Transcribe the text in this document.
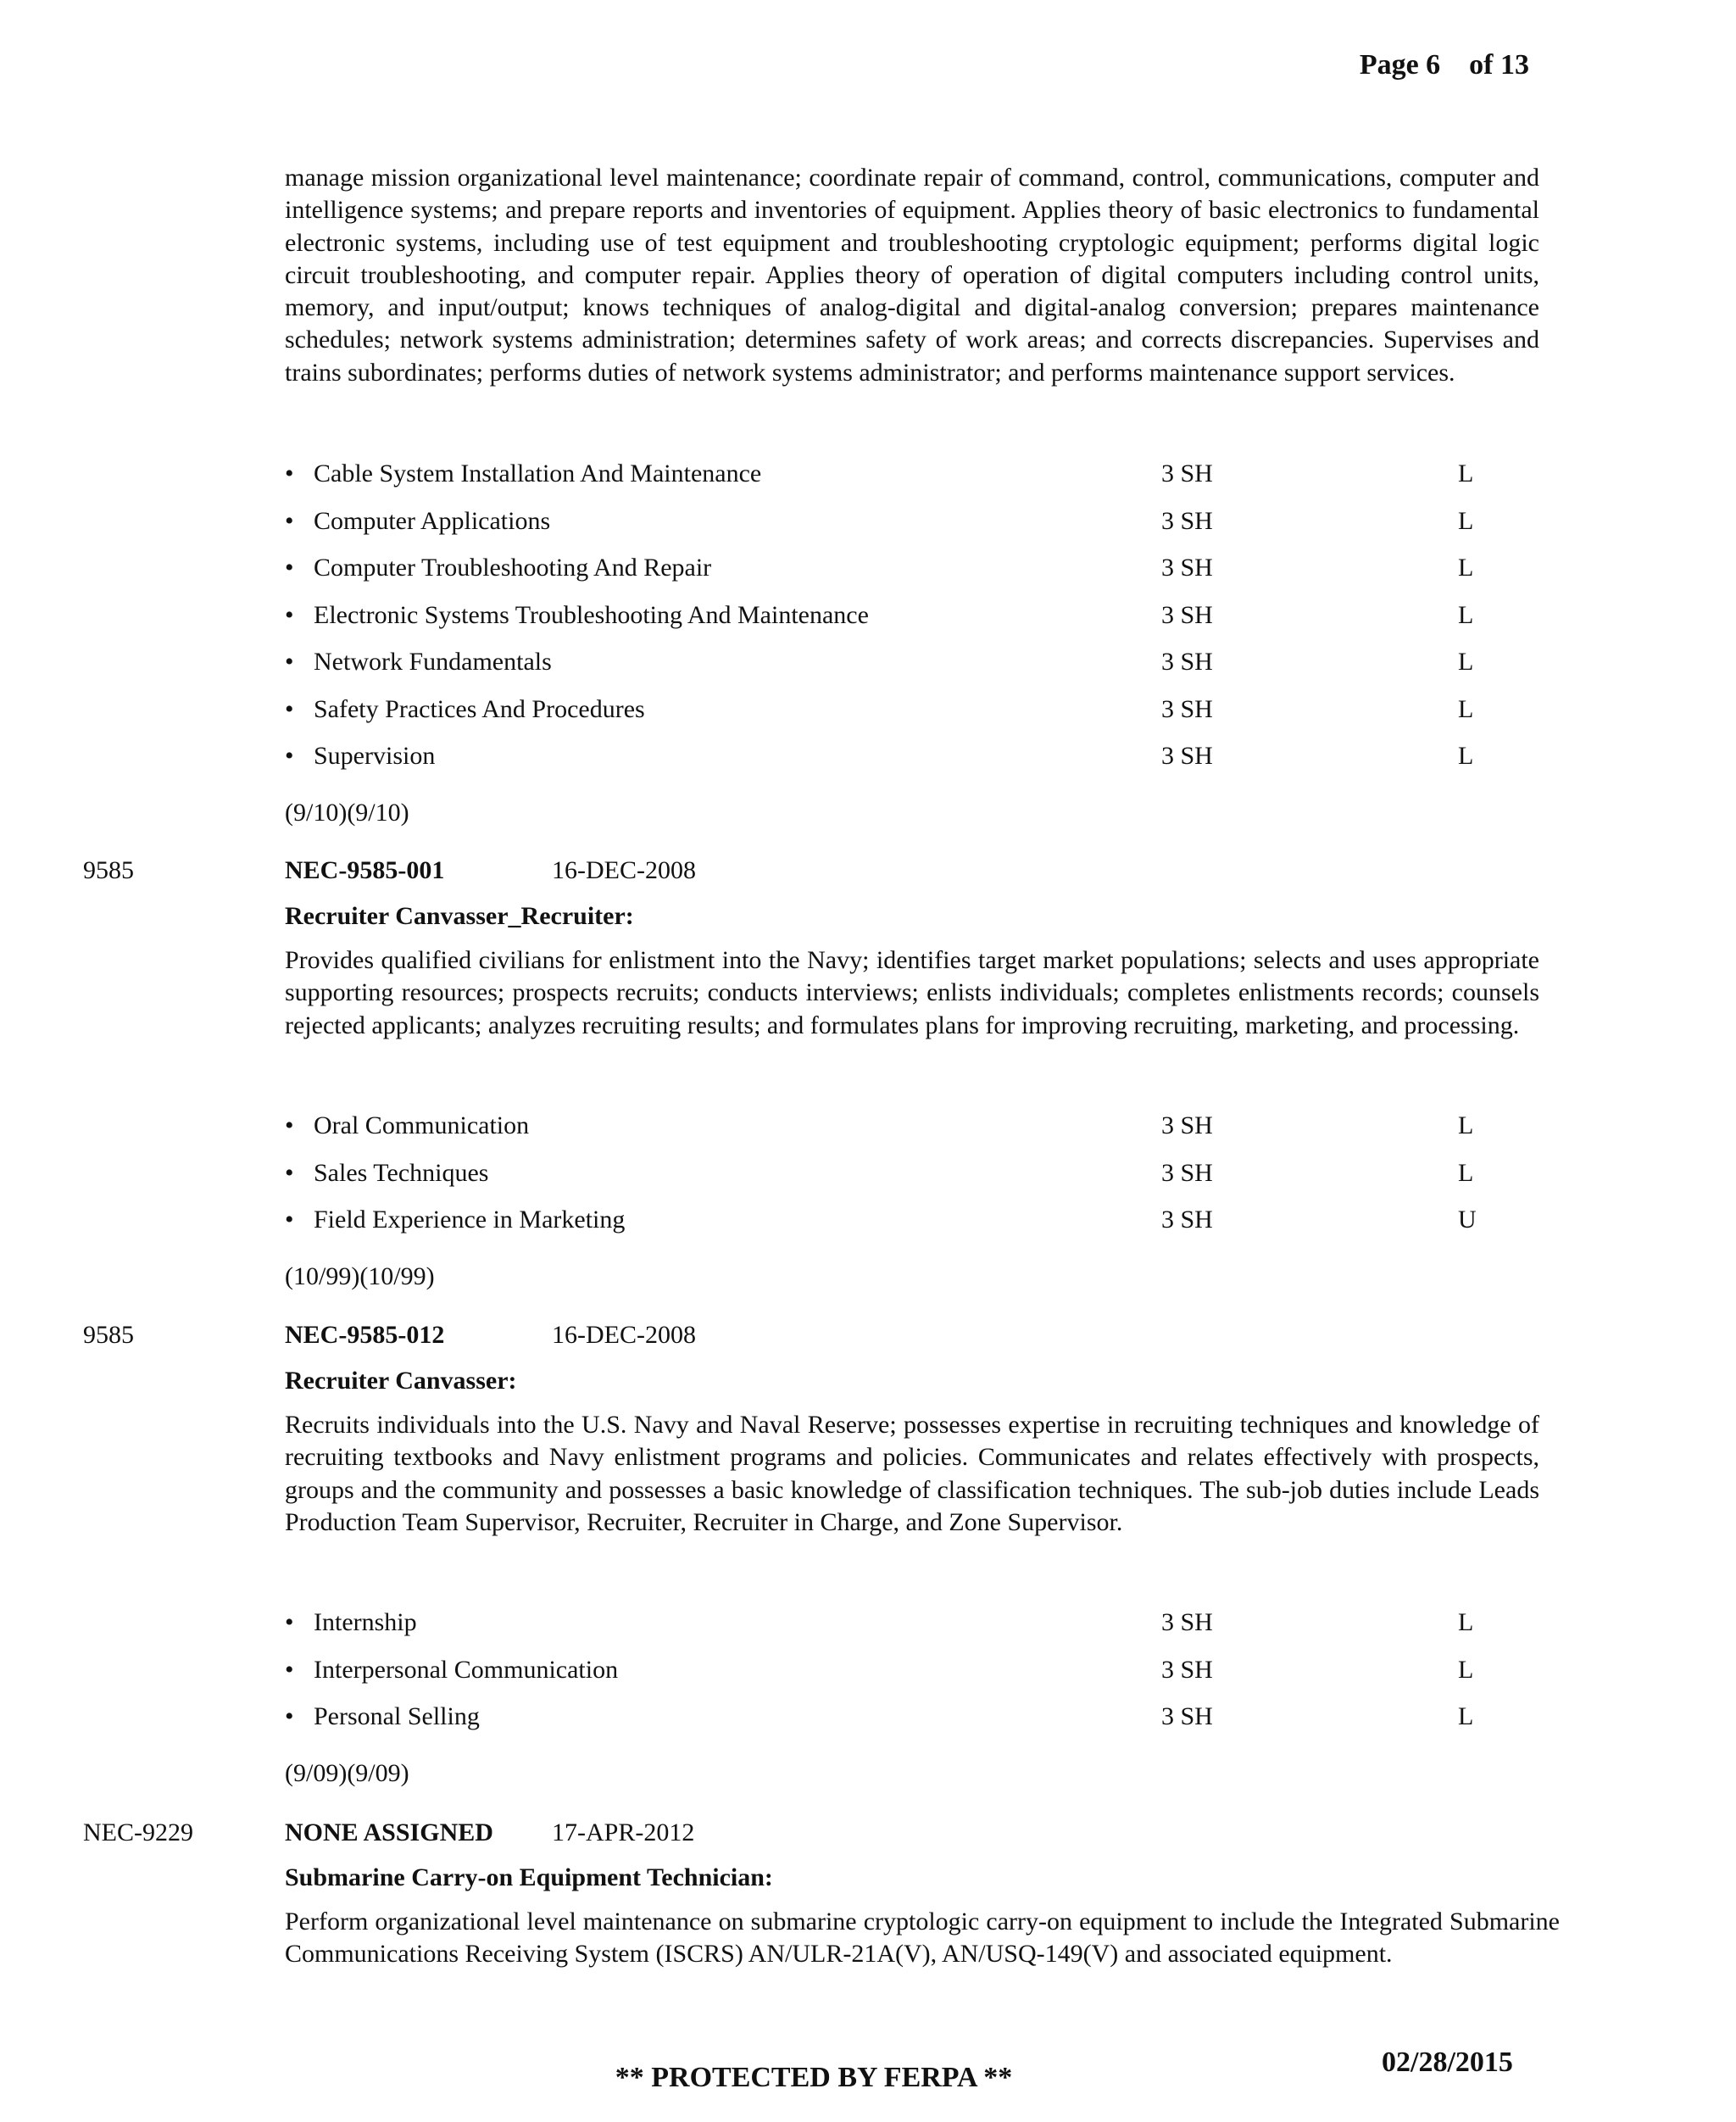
Page 6 of 13

manage mission organizational level maintenance; coordinate repair of command, control, communications, computer and intelligence systems; and prepare reports and inventories of equipment. Applies theory of basic electronics to fundamental electronic systems, including use of test equipment and troubleshooting cryptologic equipment; performs digital logic circuit troubleshooting, and computer repair. Applies theory of operation of digital computers including control units, memory, and input/output; knows techniques of analog-digital and digital-analog conversion; prepares maintenance schedules; network systems administration; determines safety of work areas; and corrects discrepancies. Supervises and trains subordinates; performs duties of network systems administrator; and performs maintenance support services.

• Cable System Installation And Maintenance	3 SH	L
• Computer Applications	3 SH	L
• Computer Troubleshooting And Repair	3 SH	L
• Electronic Systems Troubleshooting And Maintenance	3 SH	L
• Network Fundamentals	3 SH	L
• Safety Practices And Procedures	3 SH	L
• Supervision	3 SH	L
(9/10)(9/10)
9585	NEC-9585-001	16-DEC-2008
Recruiter Canvasser_Recruiter:

Provides qualified civilians for enlistment into the Navy; identifies target market populations; selects and uses appropriate supporting resources; prospects recruits; conducts interviews; enlists individuals; completes enlistments records; counsels rejected applicants; analyzes recruiting results; and formulates plans for improving recruiting, marketing, and processing.

• Oral Communication	3 SH	L
• Sales Techniques	3 SH	L
• Field Experience in Marketing	3 SH	U
(10/99)(10/99)
9585	NEC-9585-012	16-DEC-2008
Recruiter Canvasser:

Recruits individuals into the U.S. Navy and Naval Reserve; possesses expertise in recruiting techniques and knowledge of recruiting textbooks and Navy enlistment programs and policies. Communicates and relates effectively with prospects, groups and the community and possesses a basic knowledge of classification techniques. The sub-job duties include Leads Production Team Supervisor, Recruiter, Recruiter in Charge, and Zone Supervisor.

• Internship	3 SH	L
• Interpersonal Communication	3 SH	L
• Personal Selling	3 SH	L
(9/09)(9/09)
NEC-9229	NONE ASSIGNED 17-APR-2012
Submarine Carry-on Equipment Technician:

Perform organizational level maintenance on submarine cryptologic carry-on equipment to include the Integrated Submarine Communications Receiving System (ISCRS) AN/ULR-21A(V), AN/USQ-149(V) and associated equipment.

02/28/2015
** PROTECTED BY FERPA **
